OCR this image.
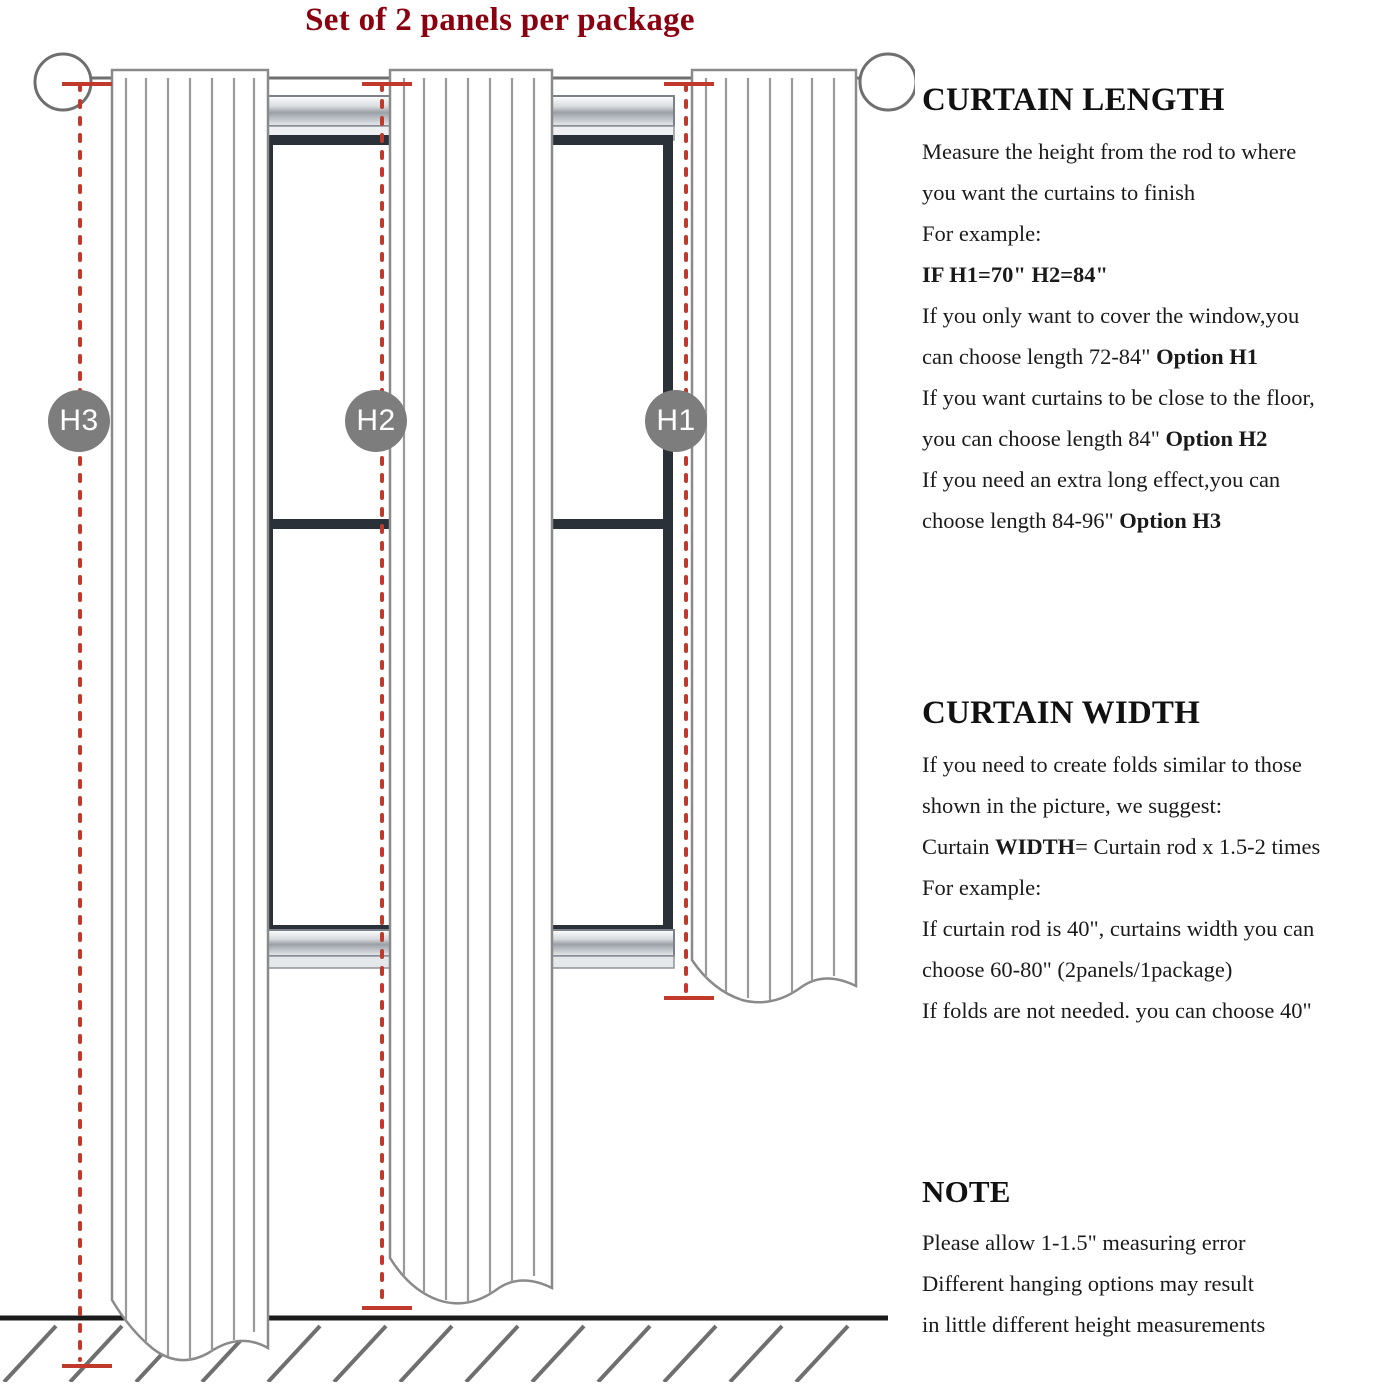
Set of 2 panels per package
H3	H2	H1
CURTAIN LENGTH

Measure the height from the rod to where
you want the curtains to finish
For example:
IF H1=70" H2=84"
If you only want to cover the window,you
can choose length 72-84" Option H1
If you want curtains to be close to the floor,
you can choose length 84" Option H2
If you need an extra long effect,you can
choose length 84-96" Option H3

CURTAIN WIDTH

If you need to create folds similar to those
shown in the picture, we suggest:
Curtain WIDTH= Curtain rod x 1.5-2 times
For example:
If curtain rod is 40", curtains width you can
choose 60-80" (2panels/1package)
If folds are not needed. you can choose 40"

NOTE

Please allow 1-1.5" measuring error
Different hanging options may result
in little different height measurements
